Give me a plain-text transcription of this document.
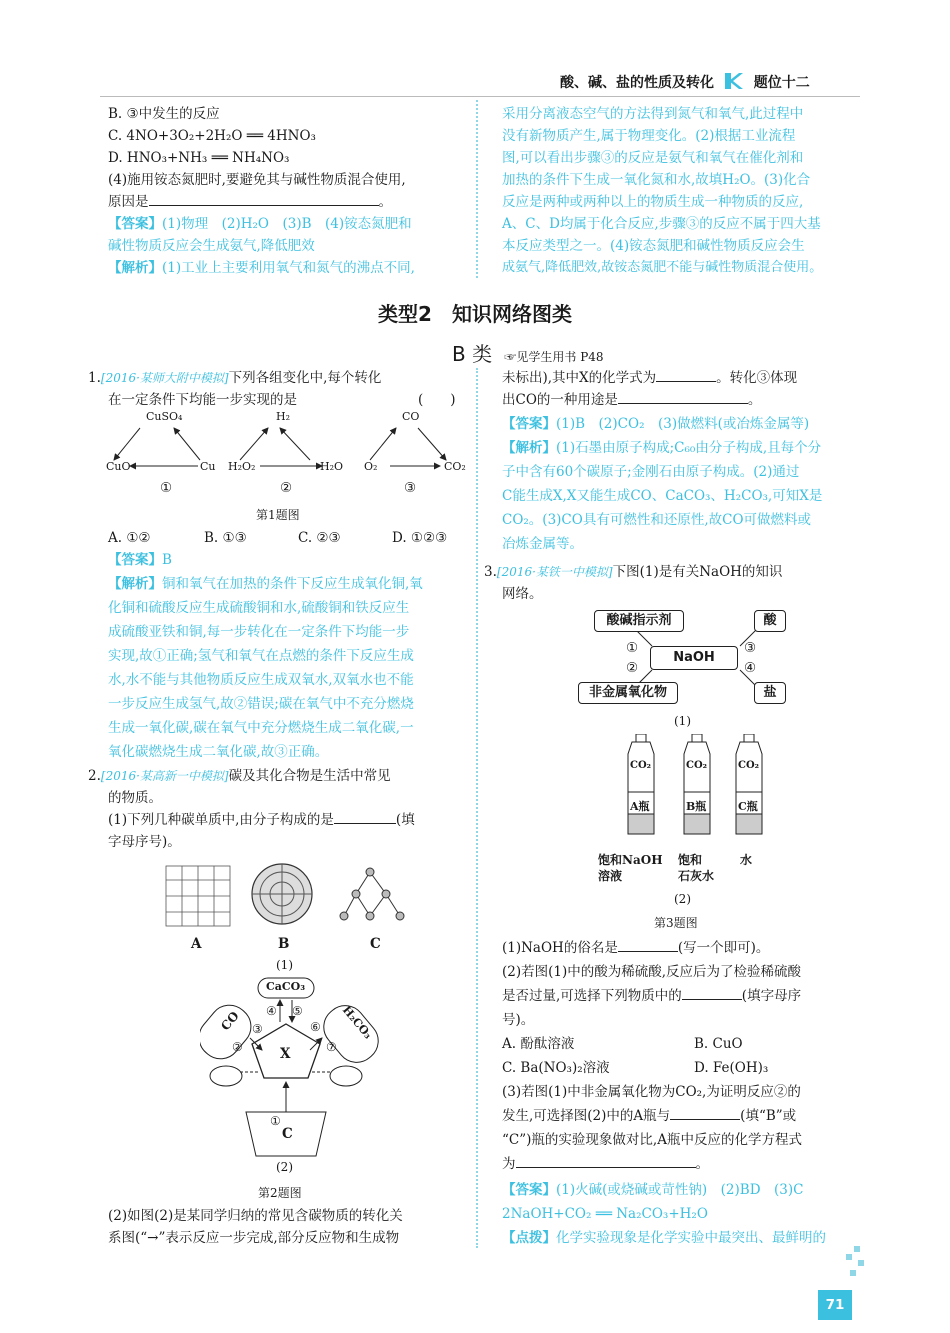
酸、碱、盐的性质及转化	题位十二
B. ③中发生的反应
C. 4NO+3O₂+2H₂O ══ 4HNO₃
D. HNO₃+NH₃ ══ NH₄NO₃
(4)施用铵态氮肥时,要避免其与碱性物质混合使用,
原因是	。
【答案】(1)物理　(2)H₂O　(3)B　(4)铵态氮肥和
碱性物质反应会生成氨气,降低肥效
【解析】(1)工业上主要利用氧气和氮气的沸点不同,
采用分离液态空气的方法得到氮气和氧气,此过程中
没有新物质产生,属于物理变化。(2)根据工业流程
图,可以看出步骤③的反应是氨气和氧气在催化剂和
加热的条件下生成一氧化氮和水,故填H₂O。(3)化合
反应是两种或两种以上的物质生成一种物质的反应,
A、C、D均属于化合反应,步骤③的反应不属于四大基
本反应类型之一。(4)铵态氮肥和碱性物质反应会生
成氨气,降低肥效,故铵态氮肥不能与碱性物质混合使用。
类型2　知识网络图类
B 类 ☞见学生用书 P48
1.[2016·某师大附中模拟]下列各组变化中,每个转化
在一定条件下均能一步实现的是	(　　)
CuSO₄
CuO	Cu
①
H₂
H₂O₂	H₂O
②
CO
O₂	CO₂
③
第1题图
A. ①②	B. ①③	C. ②③	D. ①②③
【答案】B
【解析】铜和氧气在加热的条件下反应生成氧化铜,氧
化铜和硫酸反应生成硫酸铜和水,硫酸铜和铁反应生
成硫酸亚铁和铜,每一步转化在一定条件下均能一步
实现,故①正确;氢气和氧气在点燃的条件下反应生成
水,水不能与其他物质反应生成双氧水,双氧水也不能
一步反应生成氢气,故②错误;碳在氧气中不充分燃烧
生成一氧化碳,碳在氧气中充分燃烧生成二氧化碳,一
氧化碳燃烧生成二氧化碳,故③正确。
2.[2016·某高新一中模拟]碳及其化合物是生活中常见
的物质。
(1)下列几种碳单质中,由分子构成的是	(填
字母序号)。
A	B	C
(1)
CaCO₃
CO	H₂CO₃
X
C
①
②
③
④ ⑤
⑥
⑦
(2)
第2题图
(2)如图(2)是某同学归纳的常见含碳物质的转化关
系图(“→”表示反应一步完成,部分反应物和生成物
未标出),其中X的化学式为	。转化③体现
出CO的一种用途是	。
【答案】(1)B　(2)CO₂　(3)做燃料(或冶炼金属等)
【解析】(1)石墨由原子构成;C₆₀由分子构成,且每个分
子中含有60个碳原子;金刚石由原子构成。(2)通过
C能生成X,X又能生成CO、CaCO₃、H₂CO₃,可知X是
CO₂。(3)CO具有可燃性和还原性,故CO可做燃料或
冶炼金属等。
3.[2016·某铁一中模拟]下图(1)是有关NaOH的知识
网络。
酸碱指示剂	酸
NaOH
非金属氧化物	盐
①
②
③
④
(1)
CO₂	CO₂	CO₂
A瓶	B瓶	C瓶
饱和NaOH
溶液
饱和
石灰水
水
(2)
第3题图
(1)NaOH的俗名是	(写一个即可)。
(2)若图(1)中的酸为稀硫酸,反应后为了检验稀硫酸
是否过量,可选择下列物质中的	(填字母序
号)。
A. 酚酞溶液	B. CuO
C. Ba(NO₃)₂溶液	D. Fe(OH)₃
(3)若图(1)中非金属氧化物为CO₂,为证明反应②的
发生,可选择图(2)中的A瓶与	(填“B”或
“C”)瓶的实验现象做对比,A瓶中反应的化学方程式
为	。
【答案】(1)火碱(或烧碱或苛性钠)　(2)BD　(3)C
2NaOH+CO₂ ══ Na₂CO₃+H₂O
【点拨】化学实验现象是化学实验中最突出、最鲜明的
71
